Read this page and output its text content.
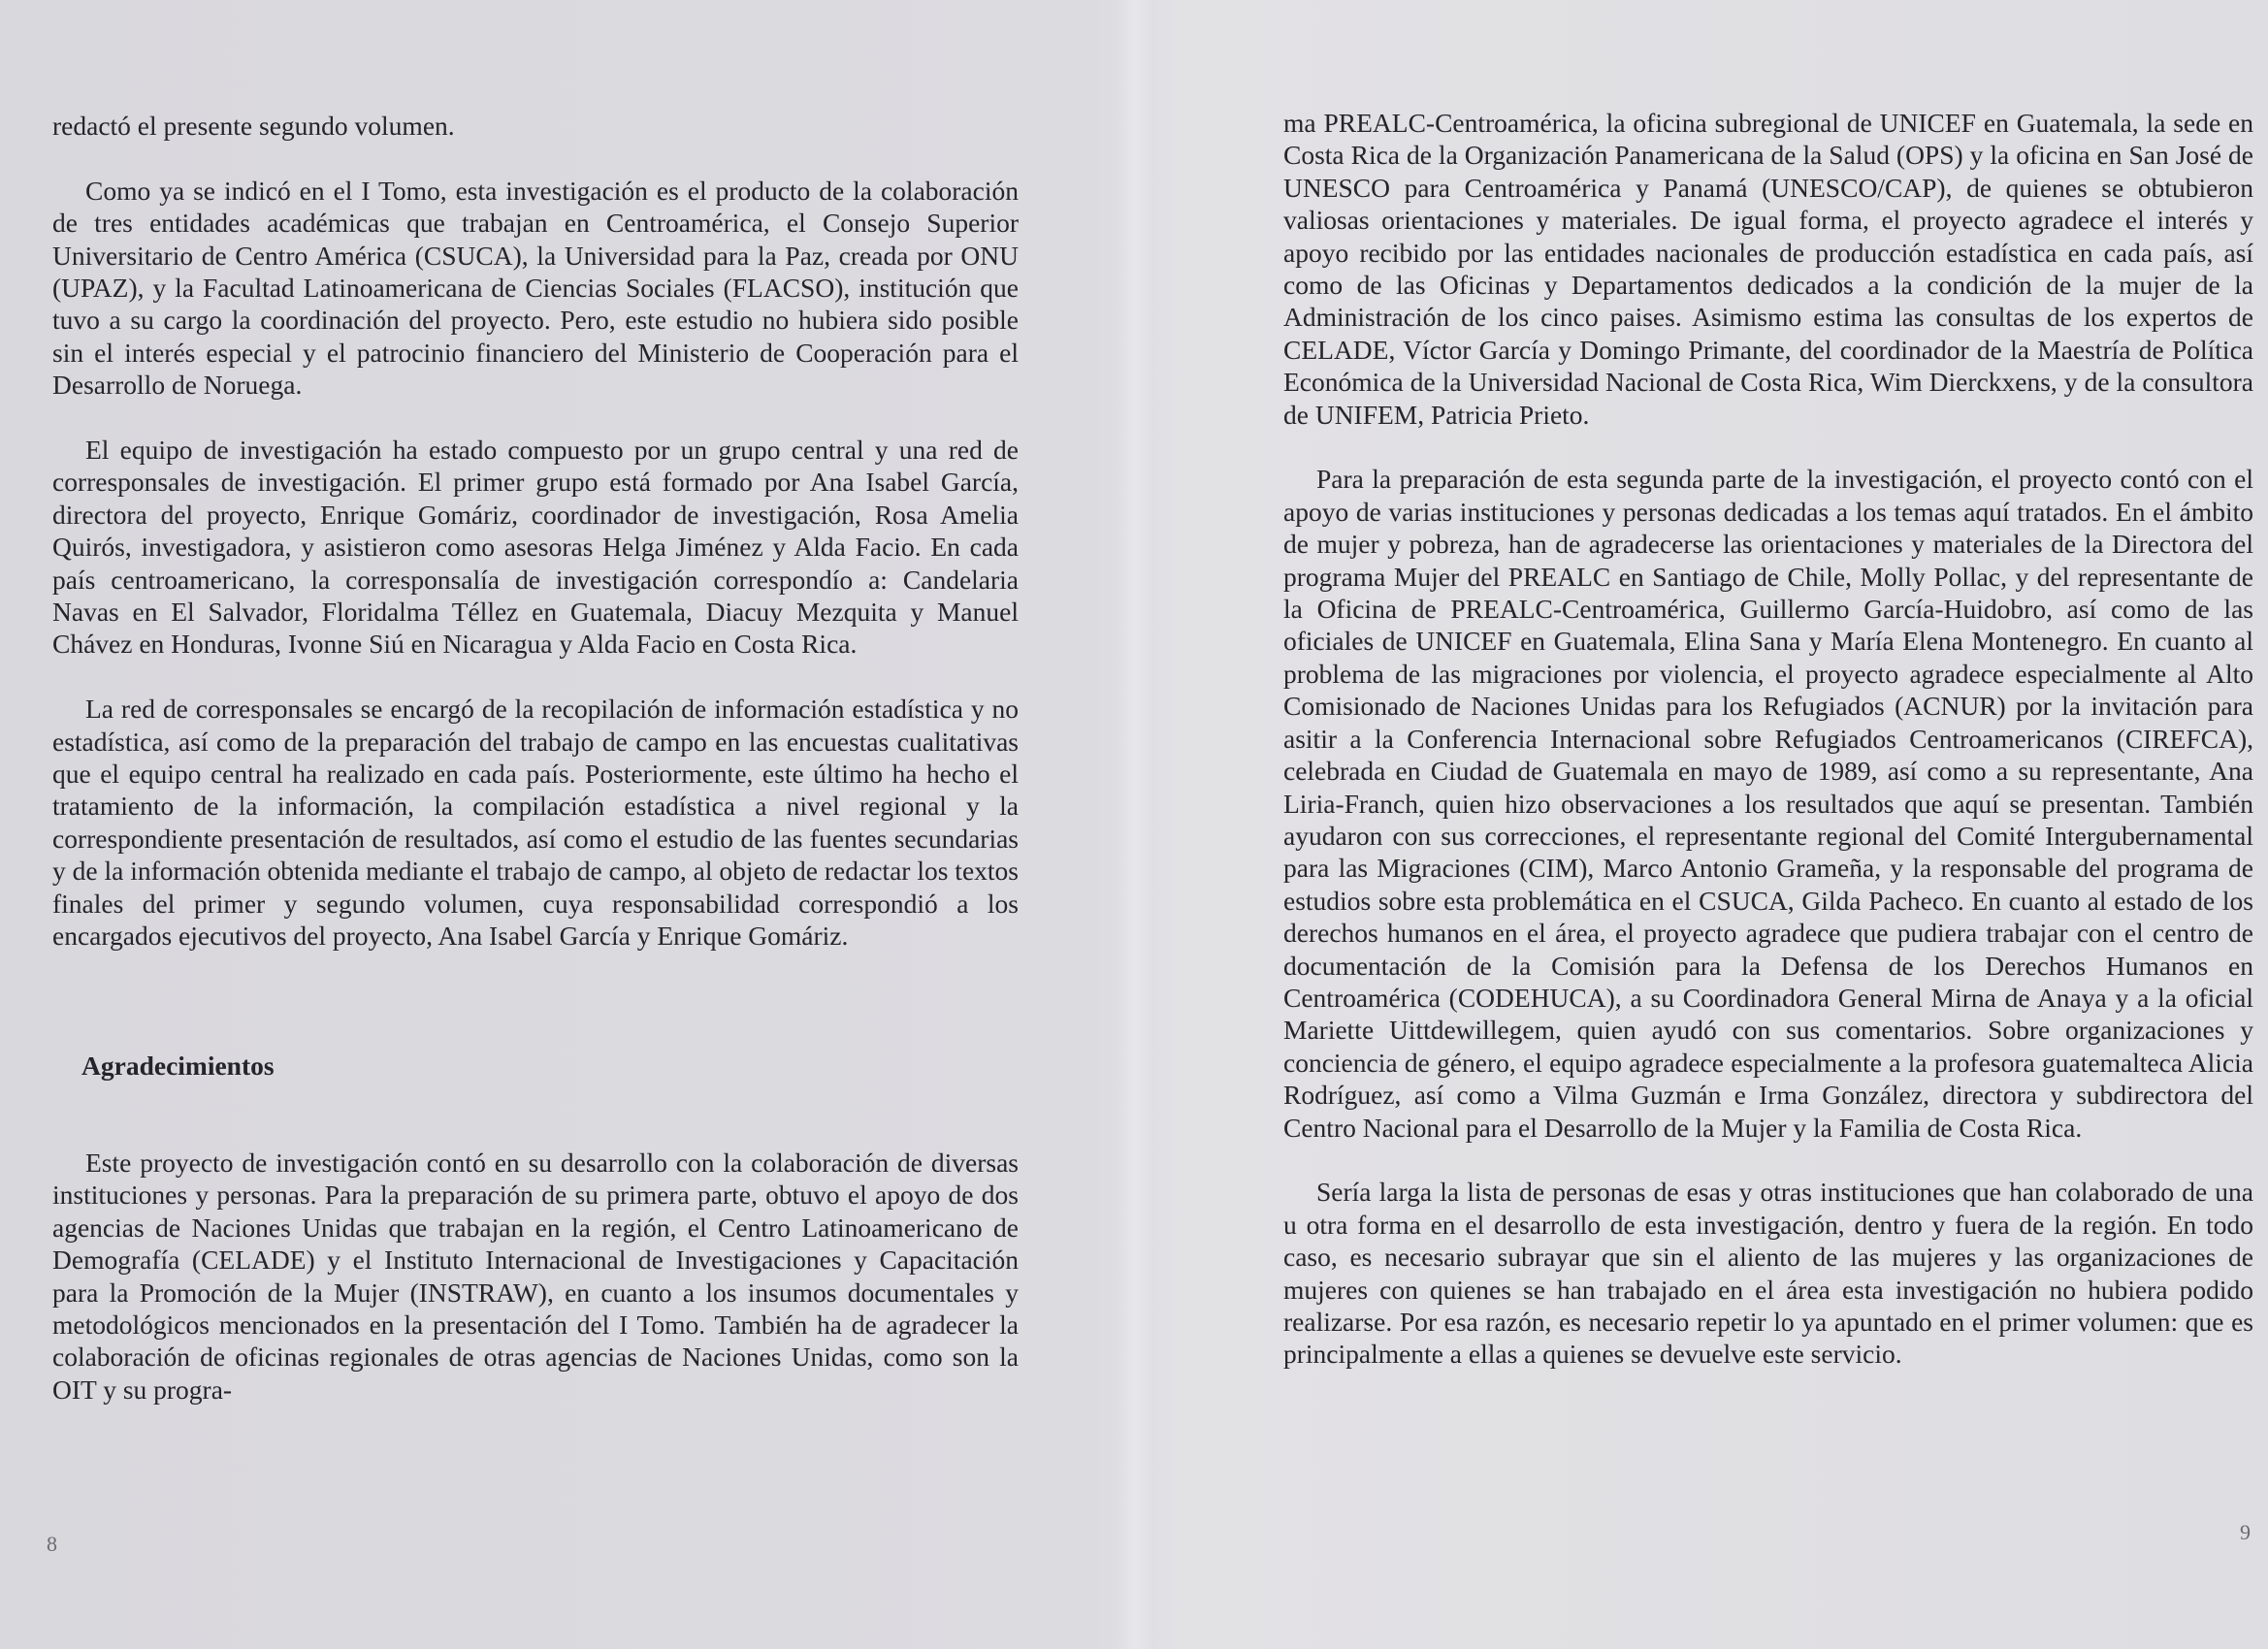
redactó el presente segundo volumen.

Como ya se indicó en el I Tomo, esta investigación es el producto de la colaboración de tres entidades académicas que trabajan en Centroamérica, el Consejo Superior Universitario de Centro América (CSUCA), la Universidad para la Paz, creada por ONU (UPAZ), y la Facultad Latinoamericana de Ciencias Sociales (FLACSO), institución que tuvo a su cargo la coordinación del proyecto. Pero, este estudio no hubiera sido posible sin el interés especial y el patrocinio financiero del Ministerio de Cooperación para el Desarrollo de Noruega.

El equipo de investigación ha estado compuesto por un grupo central y una red de corresponsales de investigación. El primer grupo está formado por Ana Isabel García, directora del proyecto, Enrique Gomáriz, coordinador de investigación, Rosa Amelia Quirós, investigadora, y asistieron como asesoras Helga Jiménez y Alda Facio. En cada país centroamericano, la corresponsalía de investigación correspondío a: Candelaria Navas en El Salvador, Floridalma Téllez en Guatemala, Diacuy Mezquita y Manuel Chávez en Honduras, Ivonne Siú en Nicaragua y Alda Facio en Costa Rica.

La red de corresponsales se encargó de la recopilación de información estadística y no estadística, así como de la preparación del trabajo de campo en las encuestas cualitativas que el equipo central ha realizado en cada país. Posteriormente, este último ha hecho el tratamiento de la información, la compilación estadística a nivel regional y la correspondiente presentación de resultados, así como el estudio de las fuentes secundarias y de la información obtenida mediante el trabajo de campo, al objeto de redactar los textos finales del primer y segundo volumen, cuya responsabilidad correspondió a los encargados ejecutivos del proyecto, Ana Isabel García y Enrique Gomáriz.

Agradecimientos

Este proyecto de investigación contó en su desarrollo con la colaboración de diversas instituciones y personas. Para la preparación de su primera parte, obtuvo el apoyo de dos agencias de Naciones Unidas que trabajan en la región, el Centro Latinoamericano de Demografía (CELADE) y el Instituto Internacional de Investigaciones y Capacitación para la Promoción de la Mujer (INSTRAW), en cuanto a los insumos documentales y metodológicos mencionados en la presentación del I Tomo. También ha de agradecer la colaboración de oficinas regionales de otras agencias de Naciones Unidas, como son la OIT y su progra-

8

ma PREALC-Centroamérica, la oficina subregional de UNICEF en Guatemala, la sede en Costa Rica de la Organización Panamericana de la Salud (OPS) y la oficina en San José de UNESCO para Centroamérica y Panamá (UNESCO/CAP), de quienes se obtubieron valiosas orientaciones y materiales. De igual forma, el proyecto agradece el interés y apoyo recibido por las entidades nacionales de producción estadística en cada país, así como de las Oficinas y Departamentos dedicados a la condición de la mujer de la Administración de los cinco paises. Asimismo estima las consultas de los expertos de CELADE, Víctor García y Domingo Primante, del coordinador de la Maestría de Política Económica de la Universidad Nacional de Costa Rica, Wim Dierckxens, y de la consultora de UNIFEM, Patricia Prieto.

Para la preparación de esta segunda parte de la investigación, el proyecto contó con el apoyo de varias instituciones y personas dedicadas a los temas aquí tratados. En el ámbito de mujer y pobreza, han de agradecerse las orientaciones y materiales de la Directora del programa Mujer del PREALC en Santiago de Chile, Molly Pollac, y del representante de la Oficina de PREALC-Centroamérica, Guillermo García-Huidobro, así como de las oficiales de UNICEF en Guatemala, Elina Sana y María Elena Montenegro. En cuanto al problema de las migraciones por violencia, el proyecto agradece especialmente al Alto Comisionado de Naciones Unidas para los Refugiados (ACNUR) por la invitación para asitir a la Conferencia Internacional sobre Refugiados Centroamericanos (CIREFCA), celebrada en Ciudad de Guatemala en mayo de 1989, así como a su representante, Ana Liria-Franch, quien hizo observaciones a los resultados que aquí se presentan. También ayudaron con sus correcciones, el representante regional del Comité Intergubernamental para las Migraciones (CIM), Marco Antonio Grameña, y la responsable del programa de estudios sobre esta problemática en el CSUCA, Gilda Pacheco. En cuanto al estado de los derechos humanos en el área, el proyecto agradece que pudiera trabajar con el centro de documentación de la Comisión para la Defensa de los Derechos Humanos en Centroamérica (CODEHUCA), a su Coordinadora General Mirna de Anaya y a la oficial Mariette Uittdewillegem, quien ayudó con sus comentarios. Sobre organizaciones y conciencia de género, el equipo agradece especialmente a la profesora guatemalteca Alicia Rodríguez, así como a Vilma Guzmán e Irma González, directora y subdirectora del Centro Nacional para el Desarrollo de la Mujer y la Familia de Costa Rica.

Sería larga la lista de personas de esas y otras instituciones que han colaborado de una u otra forma en el desarrollo de esta investigación, dentro y fuera de la región. En todo caso, es necesario subrayar que sin el aliento de las mujeres y las organizaciones de mujeres con quienes se han trabajado en el área esta investigación no hubiera podido realizarse. Por esa razón, es necesario repetir lo ya apuntado en el primer volumen: que es principalmente a ellas a quienes se devuelve este servicio.

9
